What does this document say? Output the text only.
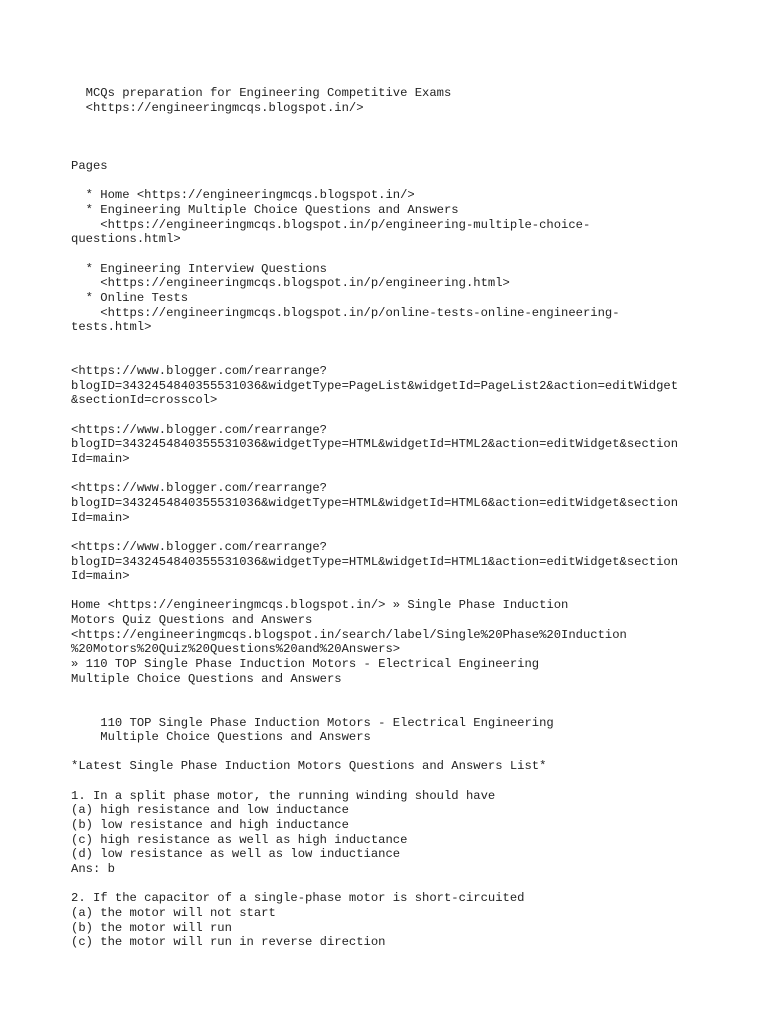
MCQs preparation for Engineering Competitive Exams
<https://engineeringmcqs.blogspot.in/>
Pages
* Home <https://engineeringmcqs.blogspot.in/>
* Engineering Multiple Choice Questions and Answers
<https://engineeringmcqs.blogspot.in/p/engineering-multiple-choice-
questions.html>
* Engineering Interview Questions
<https://engineeringmcqs.blogspot.in/p/engineering.html>
* Online Tests
<https://engineeringmcqs.blogspot.in/p/online-tests-online-engineering-
tests.html>
<https://www.blogger.com/rearrange?
blogID=3432454840355531036&widgetType=PageList&widgetId=PageList2&action=editWidget
&sectionId=crosscol>
<https://www.blogger.com/rearrange?
blogID=3432454840355531036&widgetType=HTML&widgetId=HTML2&action=editWidget&section
Id=main>
<https://www.blogger.com/rearrange?
blogID=3432454840355531036&widgetType=HTML&widgetId=HTML6&action=editWidget&section
Id=main>
<https://www.blogger.com/rearrange?
blogID=3432454840355531036&widgetType=HTML&widgetId=HTML1&action=editWidget&section
Id=main>
Home <https://engineeringmcqs.blogspot.in/> » Single Phase Induction
Motors Quiz Questions and Answers
<https://engineeringmcqs.blogspot.in/search/label/Single%20Phase%20Induction
%20Motors%20Quiz%20Questions%20and%20Answers>
» 110 TOP Single Phase Induction Motors - Electrical Engineering
Multiple Choice Questions and Answers
110 TOP Single Phase Induction Motors - Electrical Engineering
Multiple Choice Questions and Answers
*Latest Single Phase Induction Motors Questions and Answers List*
1. In a split phase motor, the running winding should have
(a) high resistance and low inductance
(b) low resistance and high inductance
(c) high resistance as well as high inductance
(d) low resistance as well as low inductiance
Ans: b
2. If the capacitor of a single-phase motor is short-circuited
(a) the motor will not start
(b) the motor will run
(c) the motor will run in reverse direction
